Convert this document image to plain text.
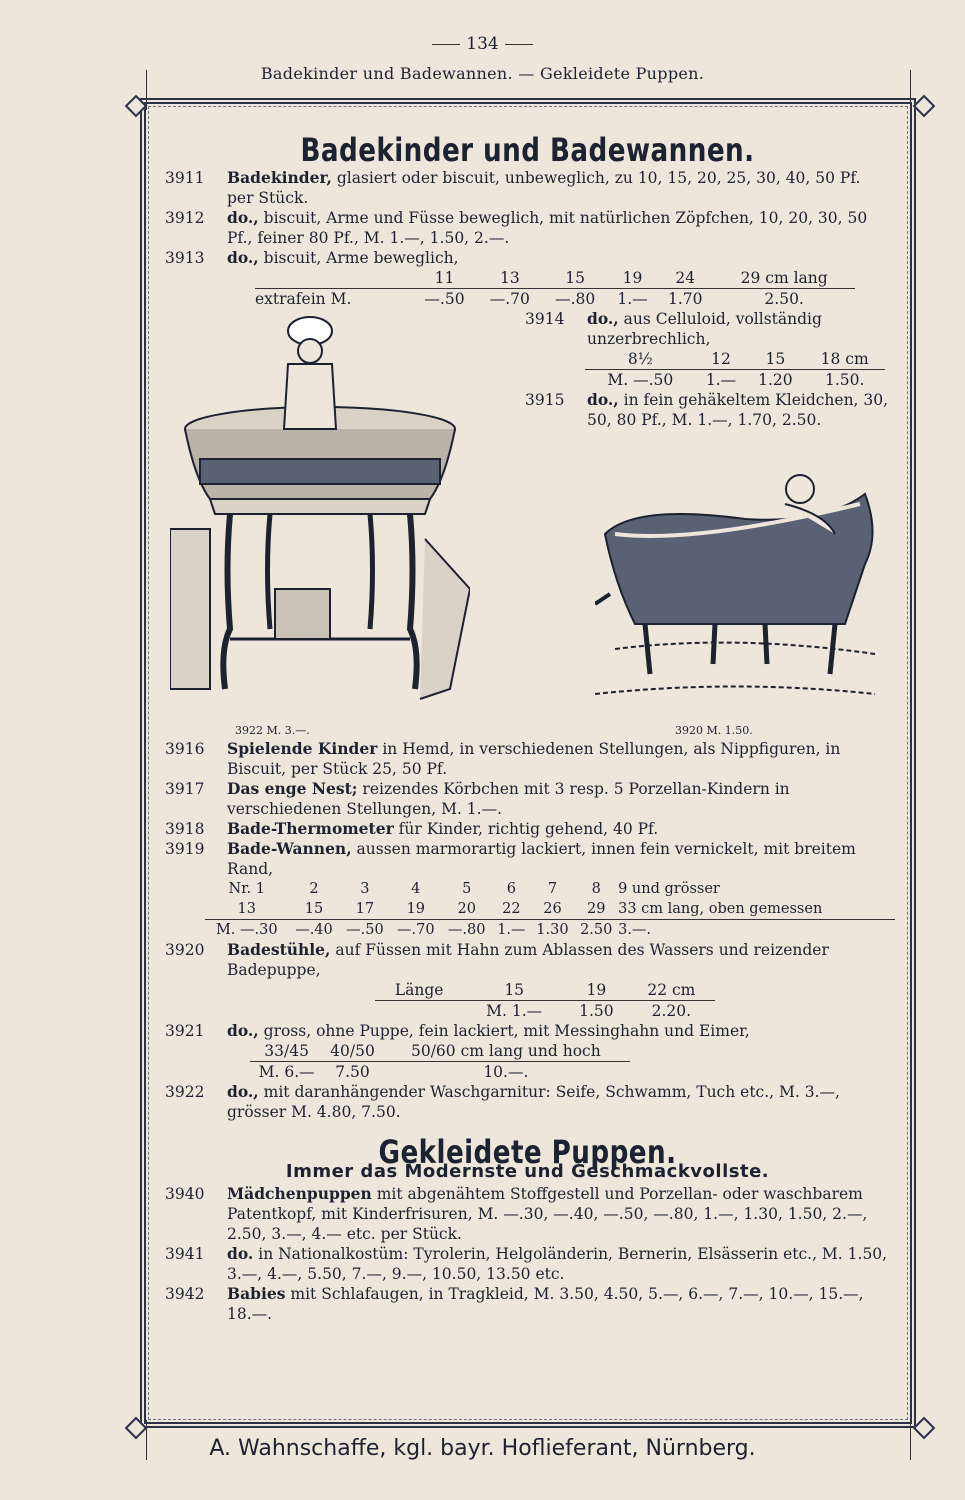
134
Badekinder und Badewannen. — Gekleidete Puppen.
Badekinder und Badewannen.
3911 Badekinder, glasiert oder biscuit, unbeweglich, zu 10, 15, 20, 25, 30, 40, 50 Pf. per Stück.
3912 do., biscuit, Arme und Füsse beweglich, mit natürlichen Zöpfchen, 10, 20, 30, 50 Pf., feiner 80 Pf., M. 1.—, 1.50, 2.—.
3913 do., biscuit, Arme beweglich,
	11	13	15	19	24	29 cm lang
extrafein M.	—.50	—.70	—.80	1.—	1.70	2.50.
3914 do., aus Celluloid, vollständig unzerbrechlich,
8½	12	15	18 cm
M. —.50	1.—	1.20	1.50.
3915 do., in fein gehäkeltem Kleidchen, 30, 50, 80 Pf., M. 1.—, 1.70, 2.50.
3922 M. 3.—.	3920 M. 1.50.
3916 Spielende Kinder in Hemd, in verschiedenen Stellungen, als Nippfiguren, in Biscuit, per Stück 25, 50 Pf.
3917 Das enge Nest; reizendes Körbchen mit 3 resp. 5 Porzellan-Kindern in verschiedenen Stellungen, M. 1.—.
3918 Bade-Thermometer für Kinder, richtig gehend, 40 Pf.
3919 Bade-Wannen, aussen marmorartig lackiert, innen fein vernickelt, mit breitem Rand,
Nr. 1	2	3	4	5	6	7	8	9 und grösser
13	15	17	19	20	22	26	29	33 cm lang, oben gemessen
M. —.30	—.40	—.50	—.70	—.80	1.—	1.30	2.50	3.—.
3920 Badestühle, auf Füssen mit Hahn zum Ablassen des Wassers und reizender Badepuppe,
Länge	15	19	22 cm
	M. 1.—	1.50	2.20.
3921 do., gross, ohne Puppe, fein lackiert, mit Messinghahn und Eimer,
33/45	40/50	50/60 cm lang und hoch
M. 6.—	7.50	10.—.
3922 do., mit daranhängender Waschgarnitur: Seife, Schwamm, Tuch etc., M. 3.—, grösser M. 4.80, 7.50.
Gekleidete Puppen.
Immer das Modernste und Geschmackvollste.
3940 Mädchenpuppen mit abgenähtem Stoffgestell und Porzellan- oder waschbarem Patentkopf, mit Kinderfrisuren, M. —.30, —.40, —.50, —.80, 1.—, 1.30, 1.50, 2.—, 2.50, 3.—, 4.— etc. per Stück.
3941 do. in Nationalkostüm: Tyrolerin, Helgoländerin, Bernerin, Elsässerin etc., M. 1.50, 3.—, 4.—, 5.50, 7.—, 9.—, 10.50, 13.50 etc.
3942 Babies mit Schlafaugen, in Tragkleid, M. 3.50, 4.50, 5.—, 6.—, 7.—, 10.—, 15.—, 18.—.
A. Wahnschaffe, kgl. bayr. Hoflieferant, Nürnberg.
